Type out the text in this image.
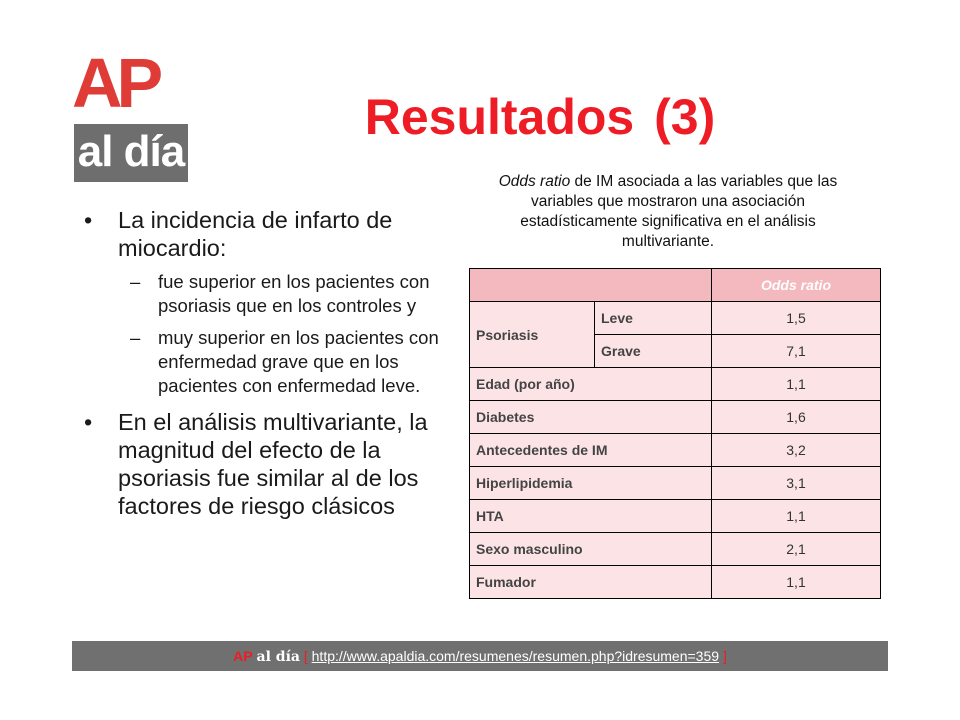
AP
al día
Resultados (3)
Odds ratio de IM asociada a las variables que las variables que mostraron una asociación estadísticamente significativa en el análisis multivariante.
• La incidencia de infarto de miocardio:
– fue superior en los pacientes con psoriasis que en los controles y
– muy superior en los pacientes con enfermedad grave que en los pacientes con enfermedad leve.
• En el análisis multivariante, la magnitud del efecto de la psoriasis fue similar al de los factores de riesgo clásicos
		Odds ratio
Psoriasis	Leve	1,5
	Grave	7,1
Edad (por año)		1,1
Diabetes		1,6
Antecedentes de IM		3,2
Hiperlipidemia		3,1
HTA		1,1
Sexo masculino		2,1
Fumador		1,1
AP al día [ http://www.apaldia.com/resumenes/resumen.php?idresumen=359 ]
